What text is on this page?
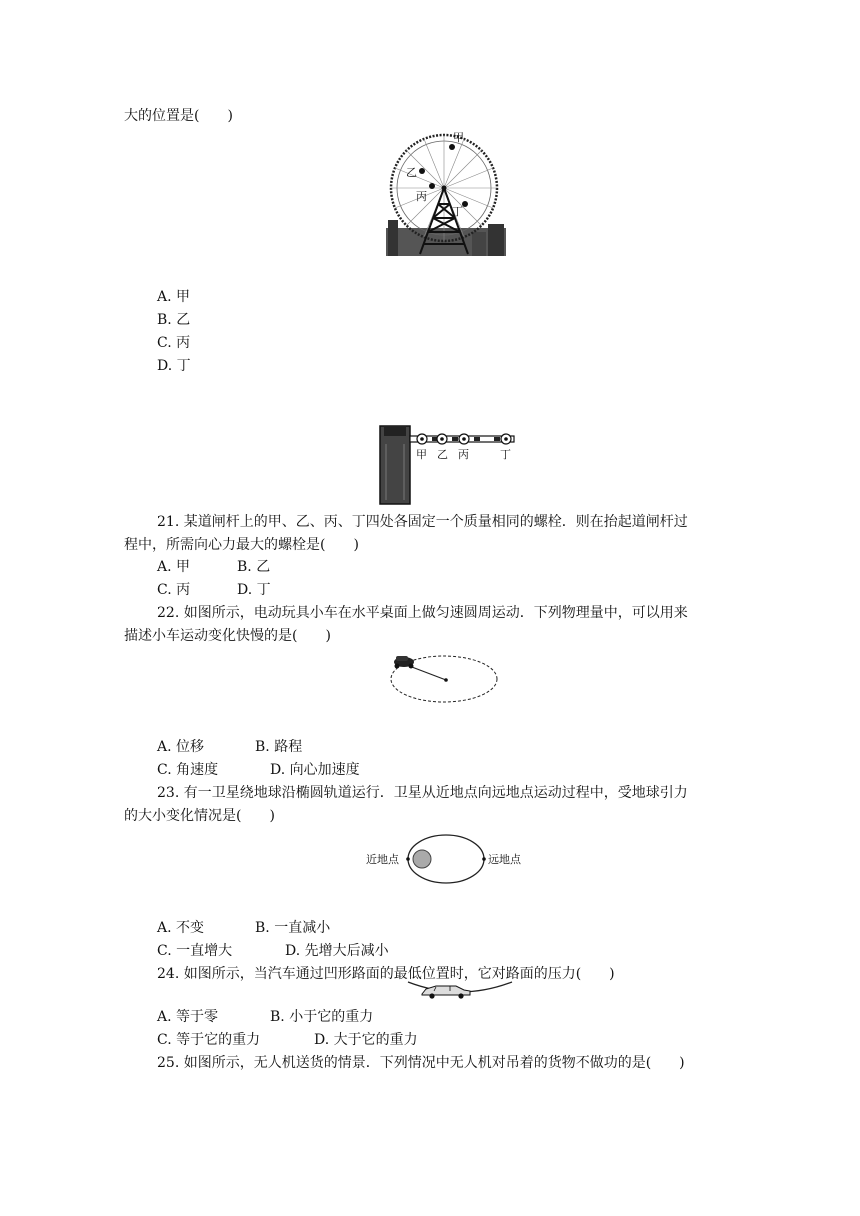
大的位置是(　　)
甲
乙
丙
丁
A. 甲
B. 乙
C. 丙
D. 丁
甲 乙 丙	丁
21. 某道闸杆上的甲、乙、丙、丁四处各固定一个质量相同的螺栓．则在抬起道闸杆过
程中，所需向心力最大的螺栓是(　　)
A. 甲	B. 乙
C. 丙	D. 丁
22. 如图所示，电动玩具小车在水平桌面上做匀速圆周运动．下列物理量中，可以用来
描述小车运动变化快慢的是(　　)
A. 位移	B. 路程
C. 角速度	D. 向心加速度
23. 有一卫星绕地球沿椭圆轨道运行．卫星从近地点向远地点运动过程中，受地球引力
的大小变化情况是(　　)
近地点	远地点
A. 不变	B. 一直减小
C. 一直增大	D. 先增大后减小
24. 如图所示，当汽车通过凹形路面的最低位置时，它对路面的压力(　　)
A. 等于零	B. 小于它的重力
C. 等于它的重力	D. 大于它的重力
25. 如图所示，无人机送货的情景．下列情况中无人机对吊着的货物不做功的是(　　)
